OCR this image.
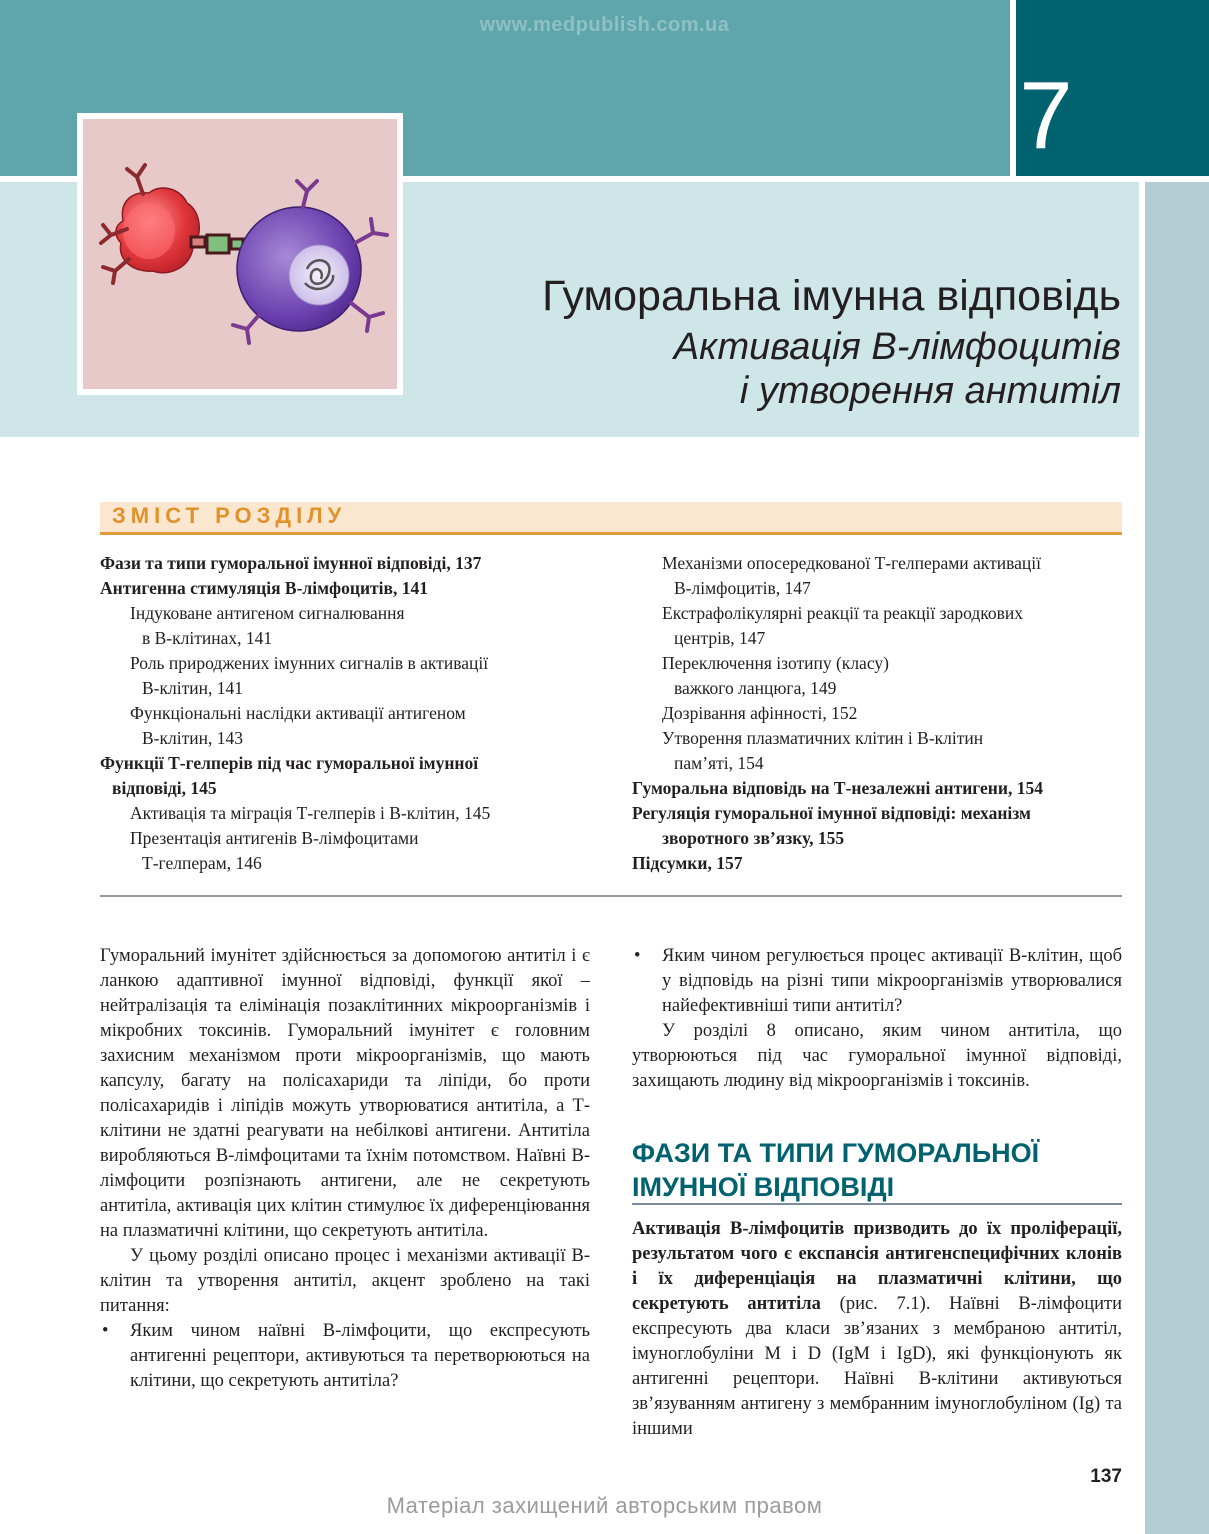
www.medpublish.com.ua
7
Гуморальна імунна відповідь
Активація В-лімфоцитів
і утворення антитіл
ЗМІСТ РОЗДІЛУ
Фази та типи гуморальної імунної відповіді, 137
Антигенна стимуляція В-лімфоцитів, 141
Індуковане антигеном сигналювання
в В-клітинах, 141
Роль природжених імунних сигналів в активації
В-клітин, 141
Функціональні наслідки активації антигеном
В-клітин, 143
Функції Т-гелперів під час гуморальної імунної
відповіді, 145
Активація та міграція Т-гелперів і В-клітин, 145
Презентація антигенів В-лімфоцитами
Т-гелперам, 146
Механізми опосередкованої Т-гелперами активації
В-лімфоцитів, 147
Екстрафолікулярні реакції та реакції зародкових
центрів, 147
Переключення ізотипу (класу)
важкого ланцюга, 149
Дозрівання афінності, 152
Утворення плазматичних клітин і В-клітин
пам’яті, 154
Гуморальна відповідь на Т-незалежні антигени, 154
Регуляція гуморальної імунної відповіді: механізм
зворотного зв’язку, 155
Підсумки, 157

Гуморальний імунітет здійснюється за допомогою антитіл і є ланкою адаптивної імунної відповіді, функції якої – нейтралізація та елімінація позаклітинних мікроорганізмів і мікробних токсинів. Гуморальний імунітет є головним захисним механізмом проти мікроорганізмів, що мають капсулу, багату на полісахариди та ліпіди, бо проти полісахаридів і ліпідів можуть утворюватися антитіла, а Т-клітини не здатні реагувати на небілкові антигени. Антитіла виробляються В-лімфоцитами та їхнім потомством. Наївні В-лімфоцити розпізнають антигени, але не секретують антитіла, активація цих клітин стимулює їх диференціювання на плазматичні клітини, що секретують антитіла.

У цьому розділі описано процес і механізми активації В-клітин та утворення антитіл, акцент зроблено на такі питання:

• Яким чином наївні В-лімфоцити, що експресують антигенні рецептори, активуються та перетворюються на клітини, що секретують антитіла?
• Яким чином регулюється процес активації В-клітин, щоб у відповідь на різні типи мікроорганізмів утворювалися найефективніші типи антитіл?

У розділі 8 описано, яким чином антитіла, що утворюються під час гуморальної імунної відповіді, захищають людину від мікроорганізмів і токсинів.

ФАЗИ ТА ТИПИ ГУМОРАЛЬНОЇ ІМУННОЇ ВІДПОВІДІ

Активація В-лімфоцитів призводить до їх проліферації, результатом чого є експансія антигенспецифічних клонів і їх диференціація на плазматичні клітини, що секретують антитіла (рис. 7.1). Наївні В-лімфоцити експресують два класи зв’язаних з мембраною антитіл, імуноглобуліни M і D (IgM і IgD), які функціонують як антигенні рецептори. Наївні В-клітини активуються зв’язуванням антигену з мембранним імуноглобуліном (Ig) та іншими

137
Матеріал захищений авторським правом
